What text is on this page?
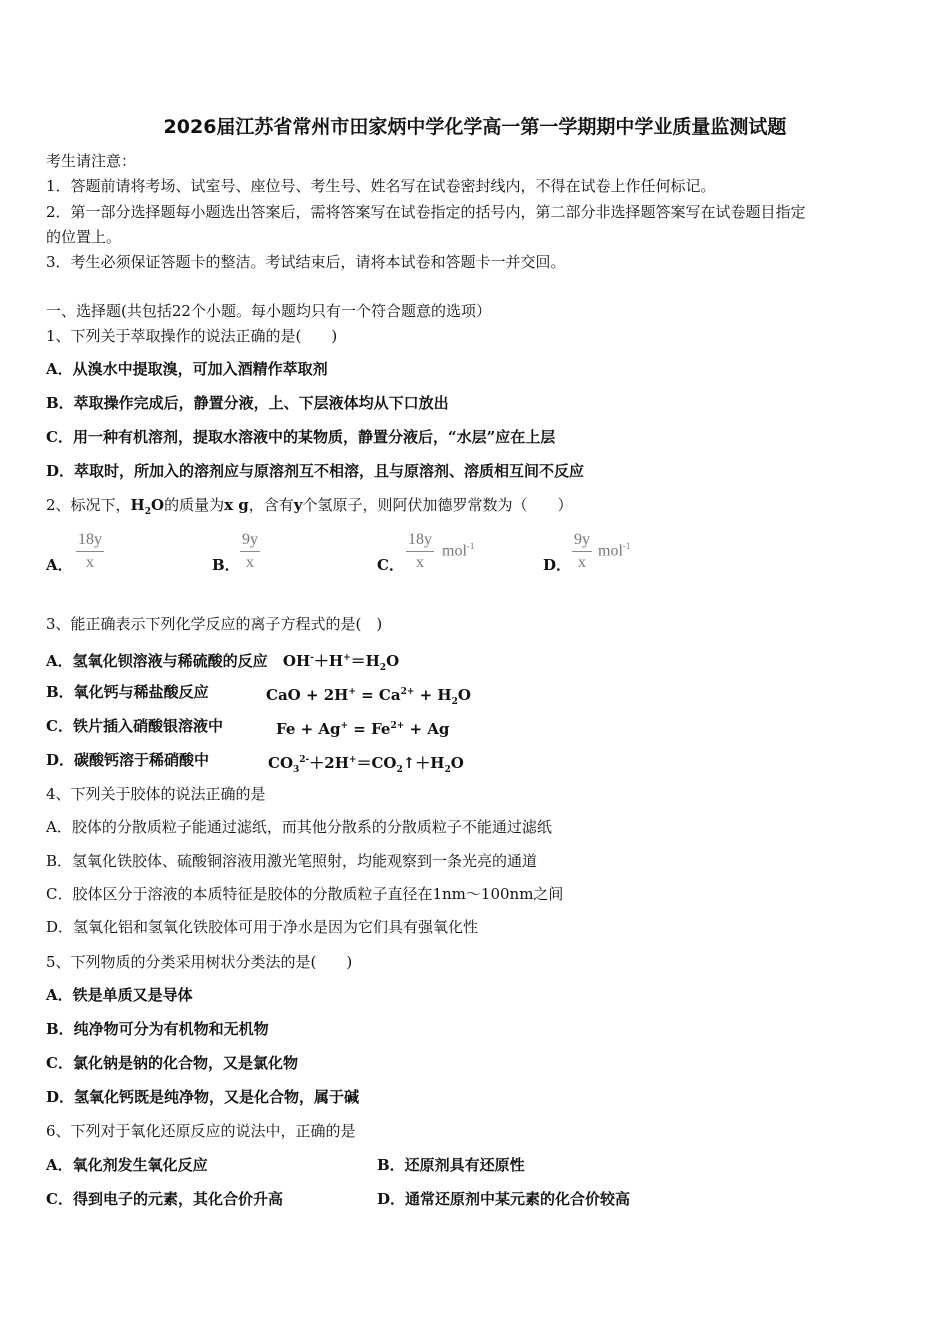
2026届江苏省常州市田家炳中学化学高一第一学期期中学业质量监测试题
考生请注意：
1．答题前请将考场、试室号、座位号、考生号、姓名写在试卷密封线内，不得在试卷上作任何标记。
2．第一部分选择题每小题选出答案后，需将答案写在试卷指定的括号内，第二部分非选择题答案写在试卷题目指定
的位置上。
3．考生必须保证答题卡的整洁。考试结束后，请将本试卷和答题卡一并交回。
一、选择题(共包括22个小题。每小题均只有一个符合题意的选项）
1、下列关于萃取操作的说法正确的是(　　)
A．从溴水中提取溴，可加入酒精作萃取剂
B．萃取操作完成后，静置分液，上、下层液体均从下口放出
C．用一种有机溶剂，提取水溶液中的某物质，静置分液后，“水层”应在上层
D．萃取时，所加入的溶剂应与原溶剂互不相溶，且与原溶剂、溶质相互间不反应
2、标况下，$H_2O$的质量为x g，含有y个氢原子，则阿伏加德罗常数为（　　）
A．
18y
x	B．
9y
x	C．
18y
x
mol$^{-1}$
D．
9y
x
mol$^{-1}$
3、能正确表示下列化学反应的离子方程式的是(　)
A．氢氧化钡溶液与稀硫酸的反应 $OH^-+H^+=H_2O$
B．氧化钙与稀盐酸反应	CaO + $2H^+ = Ca^{2+} + H_2O$
C．铁片插入硝酸银溶液中	$Fe + Ag^+ = Fe^{2+} + Ag$
D．碳酸钙溶于稀硝酸中	$CO_3^{2-}+2H^+=CO_2↑+H_2O$
4、下列关于胶体的说法正确的是
A．胶体的分散质粒子能通过滤纸，而其他分散系的分散质粒子不能通过滤纸
B．氢氧化铁胶体、硫酸铜溶液用激光笔照射，均能观察到一条光亮的通道
C．胶体区分于溶液的本质特征是胶体的分散质粒子直径在1nm～100nm之间
D．氢氧化铝和氢氧化铁胶体可用于净水是因为它们具有强氧化性
5、下列物质的分类采用树状分类法的是(　　)
A．铁是单质又是导体
B．纯净物可分为有机物和无机物
C．氯化钠是钠的化合物，又是氯化物
D．氢氧化钙既是纯净物，又是化合物，属于碱
6、下列对于氧化还原反应的说法中，正确的是
A．氧化剂发生氧化反应	B．还原剂具有还原性
C．得到电子的元素，其化合价升高	D．通常还原剂中某元素的化合价较高
